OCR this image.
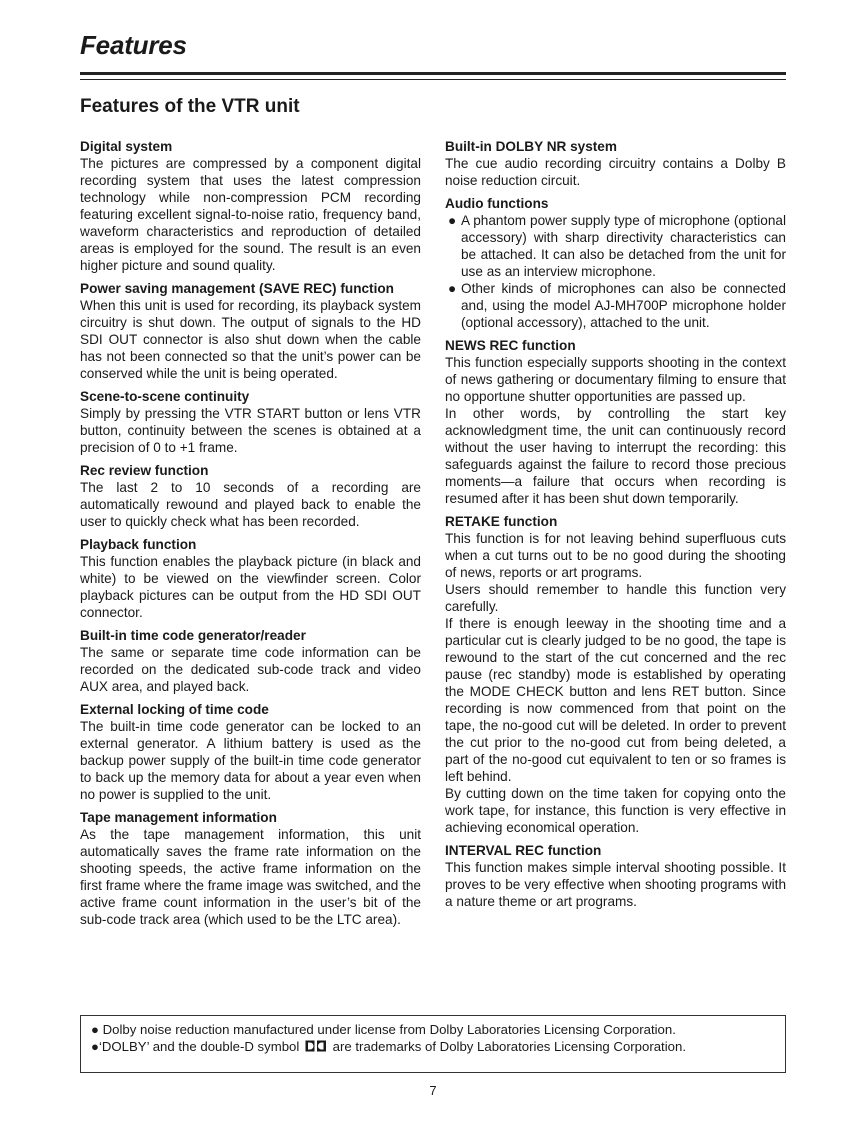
Features
Features of the VTR unit
Digital system

The pictures are compressed by a component digital recording system that uses the latest compression technology while non-compression PCM recording featuring excellent signal-to-noise ratio, frequency band, waveform characteristics and reproduction of detailed areas is employed for the sound. The result is an even higher picture and sound quality.

Power saving management (SAVE REC) function

When this unit is used for recording, its playback system circuitry is shut down. The output of signals to the HD SDI OUT connector is also shut down when the cable has not been connected so that the unit’s power can be conserved while the unit is being operated.

Scene-to-scene continuity

Simply by pressing the VTR START button or lens VTR button, continuity between the scenes is obtained at a precision of 0 to +1 frame.

Rec review function

The last 2 to 10 seconds of a recording are automatically rewound and played back to enable the user to quickly check what has been recorded.

Playback function

This function enables the playback picture (in black and white) to be viewed on the viewfinder screen. Color playback pictures can be output from the HD SDI OUT connector.

Built-in time code generator/reader

The same or separate time code information can be recorded on the dedicated sub-code track and video AUX area, and played back.

External locking of time code

The built-in time code generator can be locked to an external generator. A lithium battery is used as the backup power supply of the built-in time code generator to back up the memory data for about a year even when no power is supplied to the unit.

Tape management information

As the tape management information, this unit automatically saves the frame rate information on the shooting speeds, the active frame information on the first frame where the frame image was switched, and the active frame count information in the user’s bit of the sub-code track area (which used to be the LTC area).

Built-in DOLBY NR system

The cue audio recording circuitry contains a Dolby B noise reduction circuit.

Audio functions
● A phantom power supply type of microphone (optional accessory) with sharp directivity characteristics can be attached. It can also be detached from the unit for use as an interview microphone.
● Other kinds of microphones can also be connected and, using the model AJ-MH700P microphone holder (optional accessory), attached to the unit.
NEWS REC function

This function especially supports shooting in the context of news gathering or documentary filming to ensure that no opportune shutter opportunities are passed up.

In other words, by controlling the start key acknowledgment time, the unit can continuously record without the user having to interrupt the recording: this safeguards against the failure to record those precious moments—a failure that occurs when recording is resumed after it has been shut down temporarily.

RETAKE function

This function is for not leaving behind superfluous cuts when a cut turns out to be no good during the shooting of news, reports or art programs.

Users should remember to handle this function very carefully.

If there is enough leeway in the shooting time and a particular cut is clearly judged to be no good, the tape is rewound to the start of the cut concerned and the rec pause (rec standby) mode is established by operating the MODE CHECK button and lens RET button. Since recording is now commenced from that point on the tape, the no-good cut will be deleted. In order to prevent the cut prior to the no-good cut from being deleted, a part of the no-good cut equivalent to ten or so frames is left behind.

By cutting down on the time taken for copying onto the work tape, for instance, this function is very effective in achieving economical operation.

INTERVAL REC function

This function makes simple interval shooting possible. It proves to be very effective when shooting programs with a nature theme or art programs.

● Dolby noise reduction manufactured under license from Dolby Laboratories Licensing Corporation.
●‘DOLBY’ and the double-D symbol	are trademarks of Dolby Laboratories Licensing Corporation.
7
